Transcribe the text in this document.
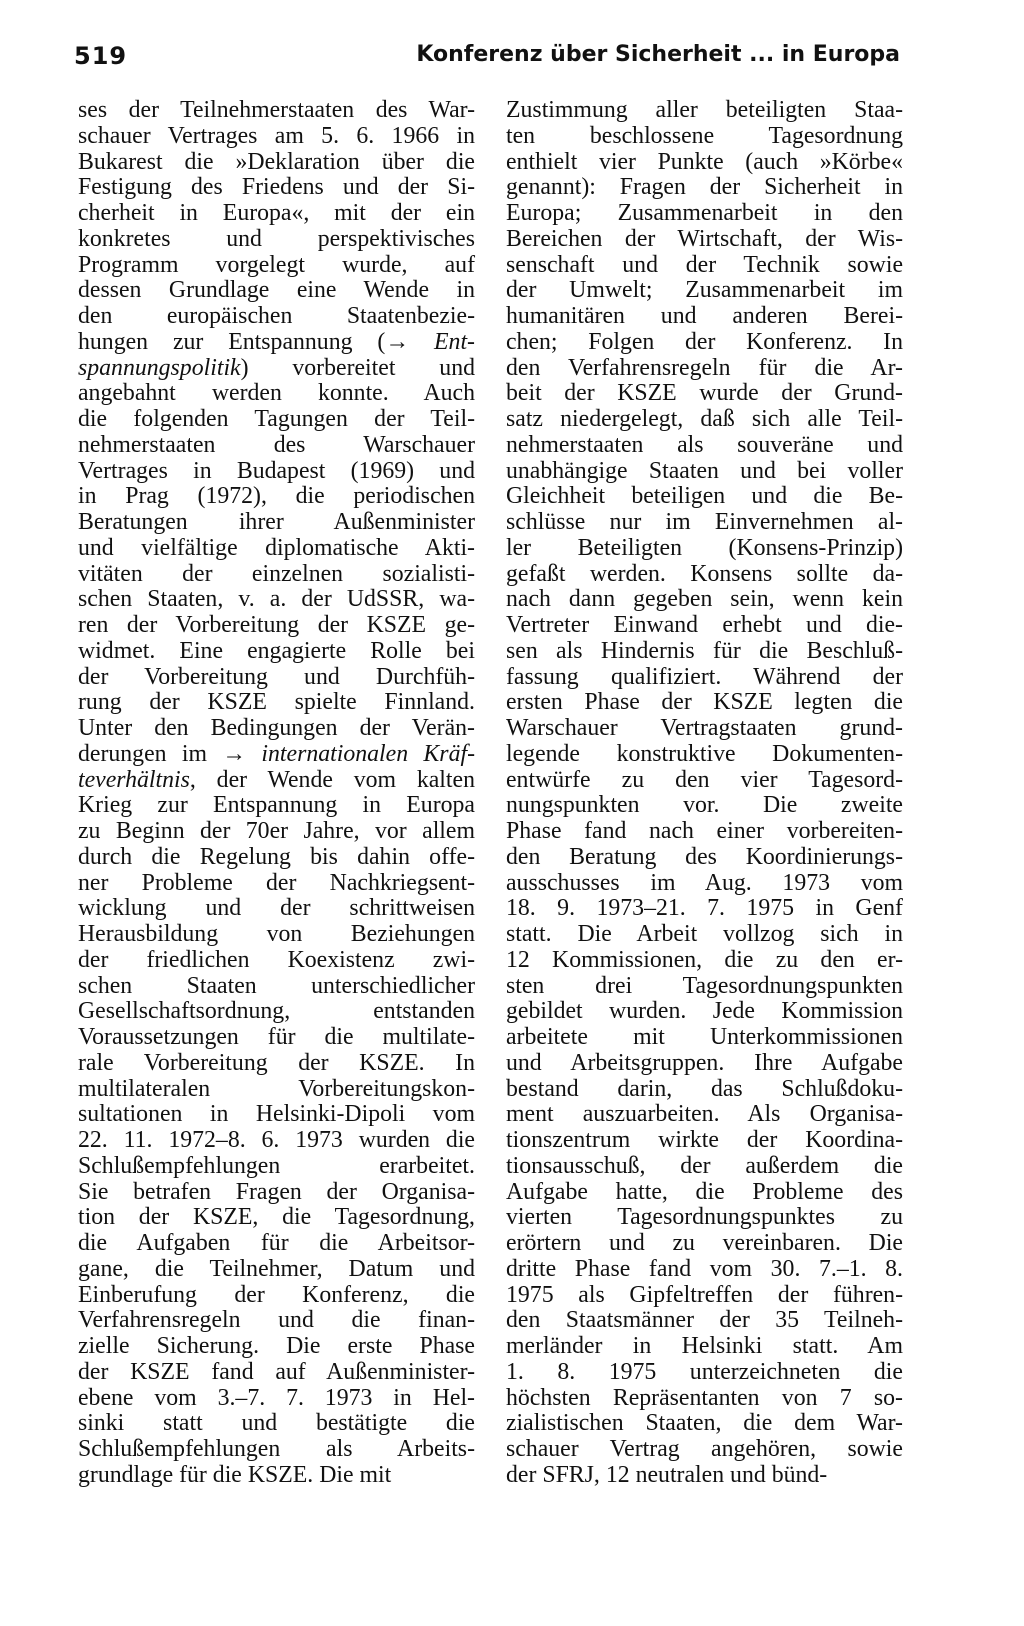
519	Konferenz über Sicherheit ... in Europa
ses der Teilnehmerstaaten des War-
schauer Vertrages am 5. 6. 1966 in
Bukarest die »Deklaration über die
Festigung des Friedens und der Si-
cherheit in Europa«, mit der ein
konkretes und perspektivisches
Programm vorgelegt wurde, auf
dessen Grundlage eine Wende in
den europäischen Staatenbezie-
hungen zur Entspannung (→ Ent-
spannungspolitik) vorbereitet und
angebahnt werden konnte. Auch
die folgenden Tagungen der Teil-
nehmerstaaten des Warschauer
Vertrages in Budapest (1969) und
in Prag (1972), die periodischen
Beratungen ihrer Außenminister
und vielfältige diplomatische Akti-
vitäten der einzelnen sozialisti-
schen Staaten, v. a. der UdSSR, wa-
ren der Vorbereitung der KSZE ge-
widmet. Eine engagierte Rolle bei
der Vorbereitung und Durchfüh-
rung der KSZE spielte Finnland.
Unter den Bedingungen der Verän-
derungen im → internationalen Kräf-
teverhältnis, der Wende vom kalten
Krieg zur Entspannung in Europa
zu Beginn der 70er Jahre, vor allem
durch die Regelung bis dahin offe-
ner Probleme der Nachkriegsent-
wicklung und der schrittweisen
Herausbildung von Beziehungen
der friedlichen Koexistenz zwi-
schen Staaten unterschiedlicher
Gesellschaftsordnung, entstanden
Voraussetzungen für die multilate-
rale Vorbereitung der KSZE. In
multilateralen Vorbereitungskon-
sultationen in Helsinki-Dipoli vom
22. 11. 1972–8. 6. 1973 wurden die
Schlußempfehlungen erarbeitet.
Sie betrafen Fragen der Organisa-
tion der KSZE, die Tagesordnung,
die Aufgaben für die Arbeitsor-
gane, die Teilnehmer, Datum und
Einberufung der Konferenz, die
Verfahrensregeln und die finan-
zielle Sicherung. Die erste Phase
der KSZE fand auf Außenminister-
ebene vom 3.–7. 7. 1973 in Hel-
sinki statt und bestätigte die
Schlußempfehlungen als Arbeits-
grundlage für die KSZE. Die mit
Zustimmung aller beteiligten Staa-
ten beschlossene Tagesordnung
enthielt vier Punkte (auch »Körbe«
genannt): Fragen der Sicherheit in
Europa; Zusammenarbeit in den
Bereichen der Wirtschaft, der Wis-
senschaft und der Technik sowie
der Umwelt; Zusammenarbeit im
humanitären und anderen Berei-
chen; Folgen der Konferenz. In
den Verfahrensregeln für die Ar-
beit der KSZE wurde der Grund-
satz niedergelegt, daß sich alle Teil-
nehmerstaaten als souveräne und
unabhängige Staaten und bei voller
Gleichheit beteiligen und die Be-
schlüsse nur im Einvernehmen al-
ler Beteiligten (Konsens-Prinzip)
gefaßt werden. Konsens sollte da-
nach dann gegeben sein, wenn kein
Vertreter Einwand erhebt und die-
sen als Hindernis für die Beschluß-
fassung qualifiziert. Während der
ersten Phase der KSZE legten die
Warschauer Vertragstaaten grund-
legende konstruktive Dokumenten-
entwürfe zu den vier Tagesord-
nungspunkten vor. Die zweite
Phase fand nach einer vorbereiten-
den Beratung des Koordinierungs-
ausschusses im Aug. 1973 vom
18. 9. 1973–21. 7. 1975 in Genf
statt. Die Arbeit vollzog sich in
12 Kommissionen, die zu den er-
sten drei Tagesordnungspunkten
gebildet wurden. Jede Kommission
arbeitete mit Unterkommissionen
und Arbeitsgruppen. Ihre Aufgabe
bestand darin, das Schlußdoku-
ment auszuarbeiten. Als Organisa-
tionszentrum wirkte der Koordina-
tionsausschuß, der außerdem die
Aufgabe hatte, die Probleme des
vierten Tagesordnungspunktes zu
erörtern und zu vereinbaren. Die
dritte Phase fand vom 30. 7.–1. 8.
1975 als Gipfeltreffen der führen-
den Staatsmänner der 35 Teilneh-
merländer in Helsinki statt. Am
1. 8. 1975 unterzeichneten die
höchsten Repräsentanten von 7 so-
zialistischen Staaten, die dem War-
schauer Vertrag angehören, sowie
der SFRJ, 12 neutralen und bünd-
